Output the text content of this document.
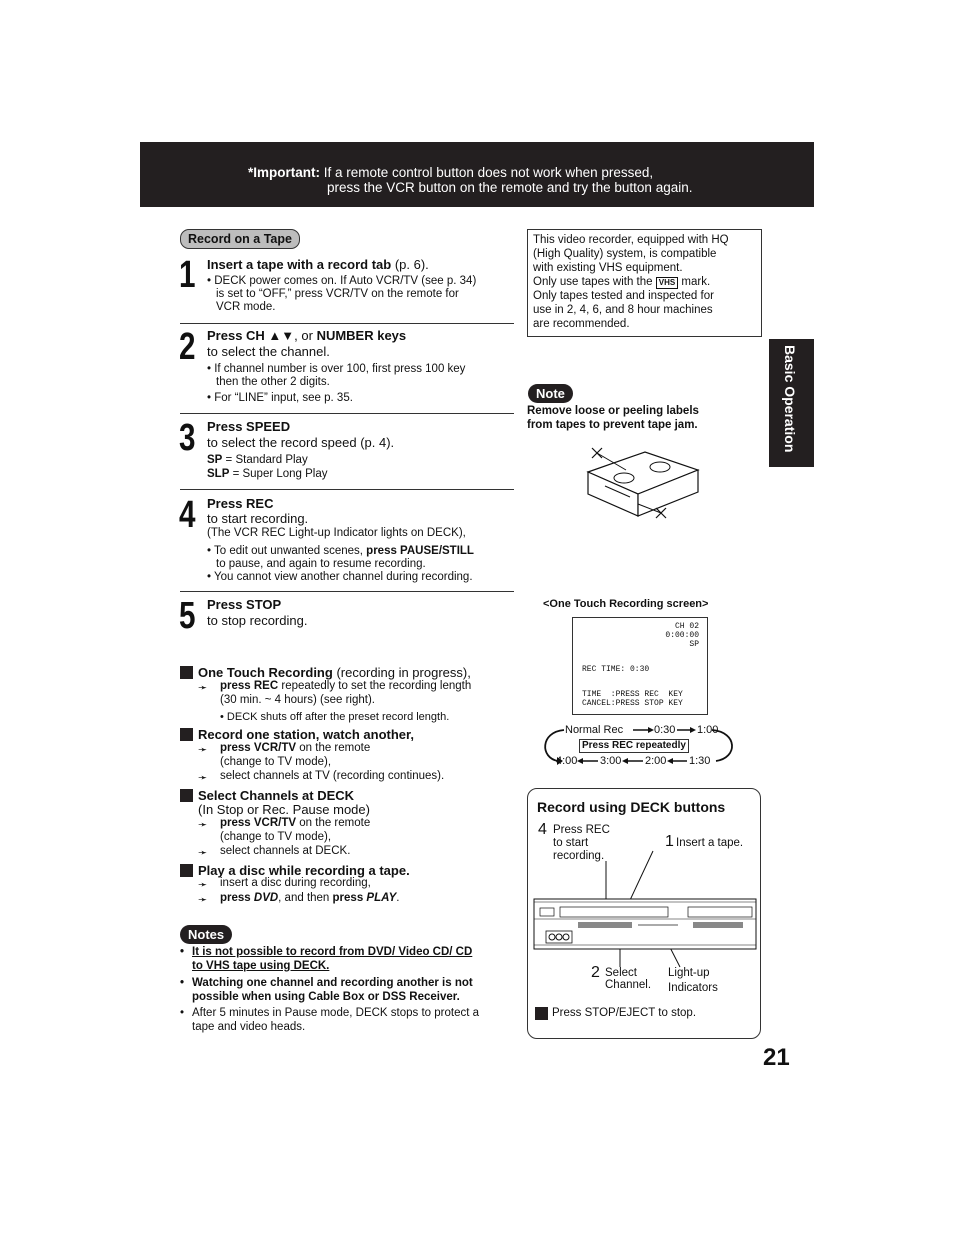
*Important: If a remote control button does not work when pressed,
press the VCR button on the remote and try the button again.
Record on a Tape
1 Insert a tape with a record tab (p. 6).
• DECK power comes on. If Auto VCR/TV (see p. 34)
is set to “OFF,” press VCR/TV on the remote for
VCR mode.
2 Press CH ▲▼, or NUMBER keys
to select the channel.
• If channel number is over 100, first press 100 key
then the other 2 digits.
• For “LINE” input, see p. 35.
3 Press SPEED
to select the record speed (p. 4).
SP = Standard Play
SLP = Super Long Play
4 Press REC
to start recording.
(The VCR REC Light-up Indicator lights on DECK),
• To edit out unwanted scenes, press PAUSE/STILL
to pause, and again to resume recording.
• You cannot view another channel during recording.
5 Press STOP
to stop recording.
One Touch Recording (recording in progress),
➛ press REC repeatedly to set the recording length
(30 min. ~ 4 hours) (see right).
• DECK shuts off after the preset record length.
Record one station, watch another,
➛ press VCR/TV on the remote
(change to TV mode),
➛ select channels at TV (recording continues).
Select Channels at DECK
(In Stop or Rec. Pause mode)
➛ press VCR/TV on the remote
(change to TV mode),
➛ select channels at DECK.
Play a disc while recording a tape.
➛ insert a disc during recording,
➛ press DVD, and then press PLAY.
Notes
• It is not possible to record from DVD/ Video CD/ CD
to VHS tape using DECK.
• Watching one channel and recording another is not
possible when using Cable Box or DSS Receiver.
• After 5 minutes in Pause mode, DECK stops to protect a
tape and video heads.
This video recorder, equipped with HQ
(High Quality) system, is compatible
with existing VHS equipment.
Only use tapes with the VHS mark.
Only tapes tested and inspected for
use in 2, 4, 6, and 8 hour machines
are recommended.
Note
Remove loose or peeling labels
from tapes to prevent tape jam.
<One Touch Recording screen>
CH 02
0:00:00
SP
REC TIME: 0:30
TIME  :PRESS REC  KEY
CANCEL:PRESS STOP KEY
Normal Rec	0:30 1:00
Press REC repeatedly
4:00 3:00 2:00 1:30
Record using DECK buttons
4 Press REC
to start
recording.
1 Insert a tape.
2 Select
Channel.
Light-up
Indicators
Press STOP/EJECT to stop.
Basic Operation
21
